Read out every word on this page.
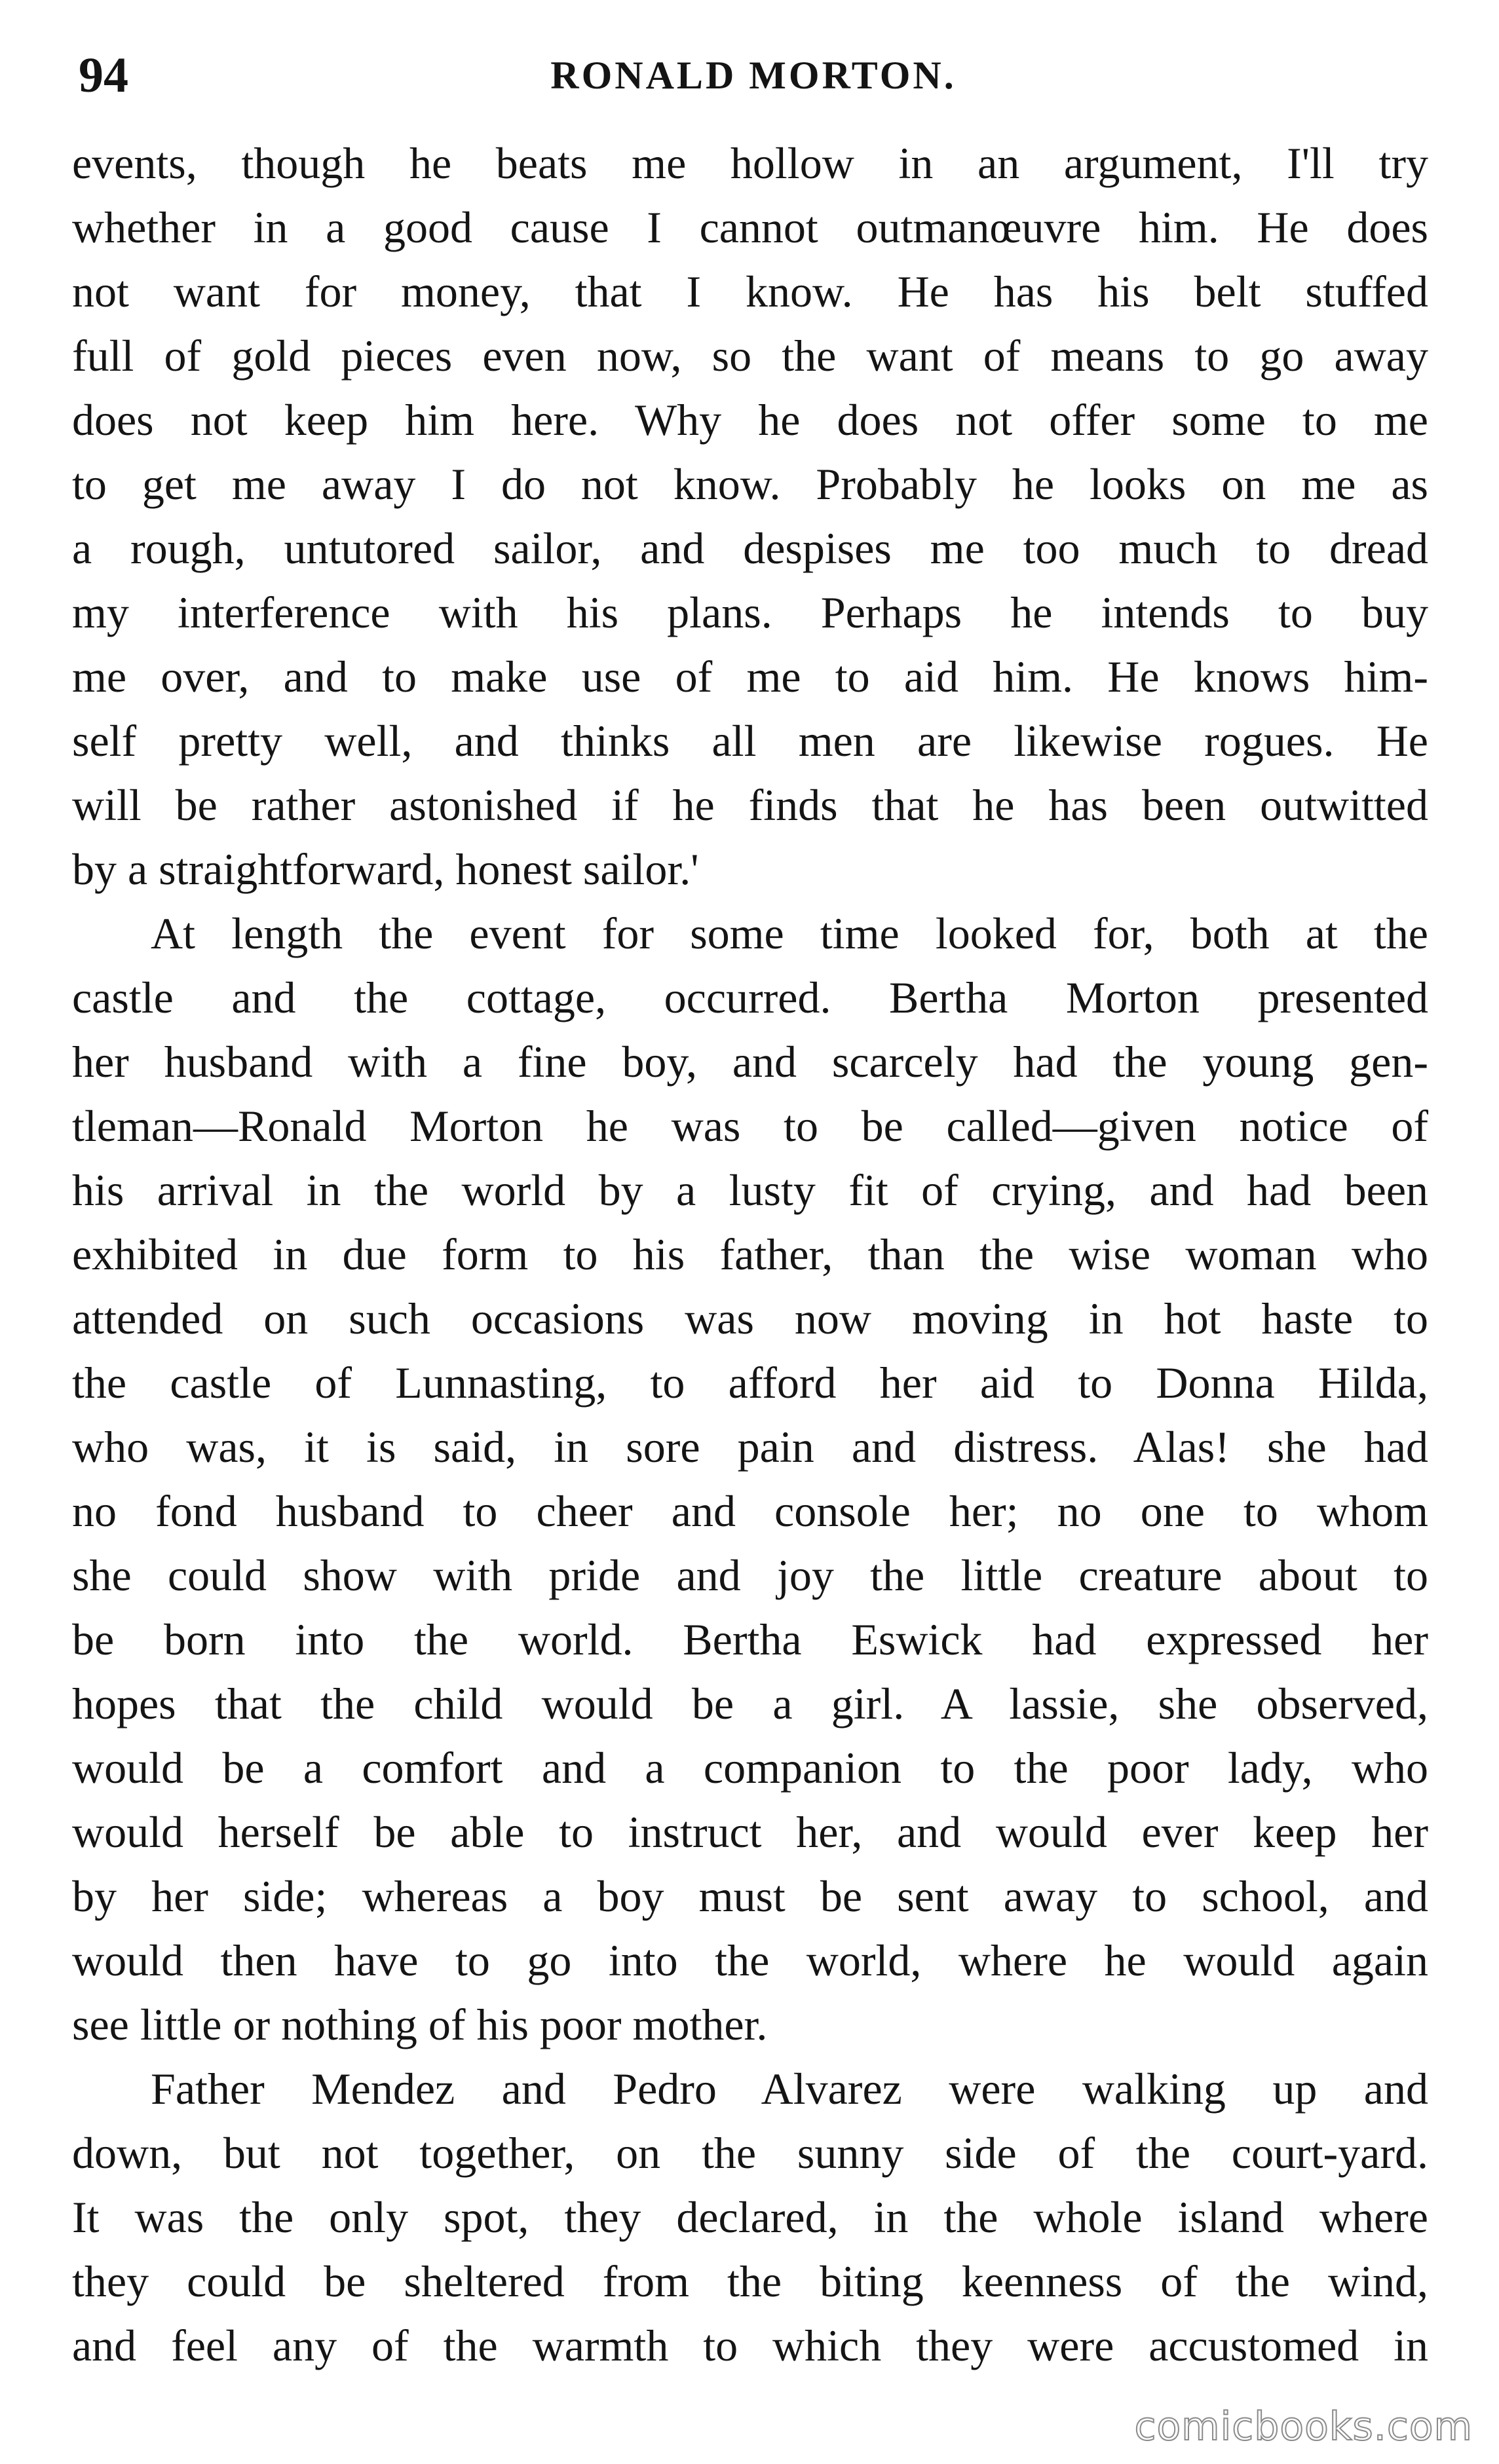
94	RONALD MORTON.
events, though he beats me hollow in an argument, I'll try
whether in a good cause I cannot outmanœuvre him. He does
not want for money, that I know. He has his belt stuffed
full of gold pieces even now, so the want of means to go away
does not keep him here. Why he does not offer some to me
to get me away I do not know. Probably he looks on me as
a rough, untutored sailor, and despises me too much to dread
my interference with his plans. Perhaps he intends to buy
me over, and to make use of me to aid him. He knows him-
self pretty well, and thinks all men are likewise rogues. He
will be rather astonished if he finds that he has been outwitted
by a straightforward, honest sailor.'
At length the event for some time looked for, both at the
castle and the cottage, occurred. Bertha Morton presented
her husband with a fine boy, and scarcely had the young gen-
tleman—Ronald Morton he was to be called—given notice of
his arrival in the world by a lusty fit of crying, and had been
exhibited in due form to his father, than the wise woman who
attended on such occasions was now moving in hot haste to
the castle of Lunnasting, to afford her aid to Donna Hilda,
who was, it is said, in sore pain and distress. Alas! she had
no fond husband to cheer and console her; no one to whom
she could show with pride and joy the little creature about to
be born into the world. Bertha Eswick had expressed her
hopes that the child would be a girl. A lassie, she observed,
would be a comfort and a companion to the poor lady, who
would herself be able to instruct her, and would ever keep her
by her side; whereas a boy must be sent away to school, and
would then have to go into the world, where he would again
see little or nothing of his poor mother.
Father Mendez and Pedro Alvarez were walking up and
down, but not together, on the sunny side of the court-yard.
It was the only spot, they declared, in the whole island where
they could be sheltered from the biting keenness of the wind,
and feel any of the warmth to which they were accustomed in
comicbooks.com
